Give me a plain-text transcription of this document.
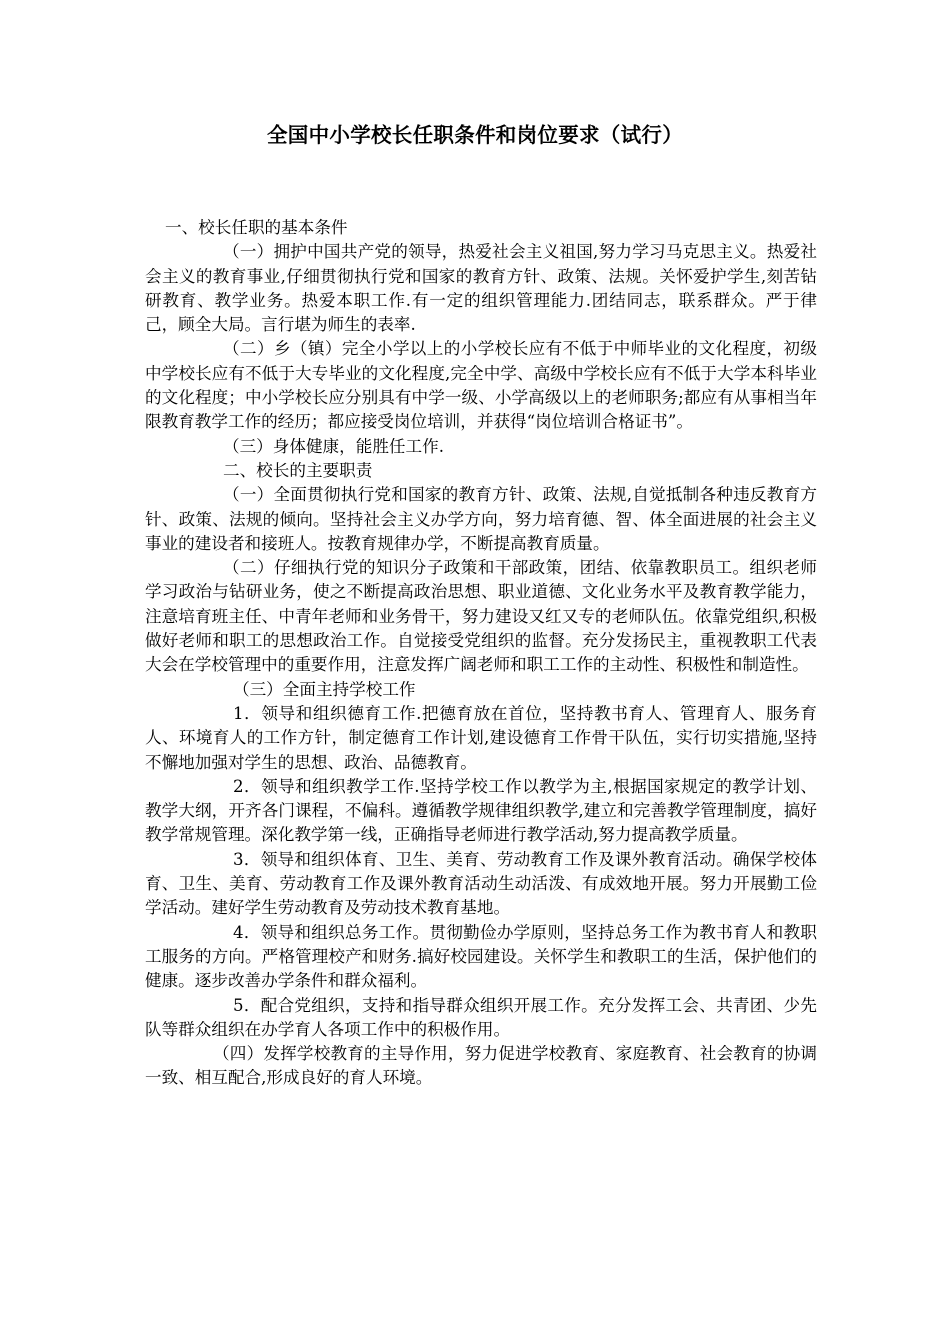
全国中小学校长任职条件和岗位要求（试行）

一、校长任职的基本条件

（一）拥护中国共产党的领导，热爱社会主义祖国,努力学习马克思主义。热爱社会主义的教育事业,仔细贯彻执行党和国家的教育方针、政策、法规。关怀爱护学生,刻苦钻研教育、教学业务。热爱本职工作.有一定的组织管理能力.团结同志，联系群众。严于律己，顾全大局。言行堪为师生的表率.

（二）乡（镇）完全小学以上的小学校长应有不低于中师毕业的文化程度，初级中学校长应有不低于大专毕业的文化程度,完全中学、高级中学校长应有不低于大学本科毕业的文化程度；中小学校长应分别具有中学一级、小学高级以上的老师职务;都应有从事相当年限教育教学工作的经历；都应接受岗位培训，并获得“岗位培训合格证书”。

（三）身体健康，能胜任工作.

二、校长的主要职责

（一）全面贯彻执行党和国家的教育方针、政策、法规,自觉抵制各种违反教育方针、政策、法规的倾向。坚持社会主义办学方向，努力培育德、智、体全面进展的社会主义事业的建设者和接班人。按教育规律办学，不断提高教育质量。

（二）仔细执行党的知识分子政策和干部政策，团结、依靠教职员工。组织老师学习政治与钻研业务，使之不断提高政治思想、职业道德、文化业务水平及教育教学能力，注意培育班主任、中青年老师和业务骨干，努力建设又红又专的老师队伍。依靠党组织,积极做好老师和职工的思想政治工作。自觉接受党组织的监督。充分发扬民主，重视教职工代表大会在学校管理中的重要作用，注意发挥广阔老师和职工工作的主动性、积极性和制造性。

（三）全面主持学校工作

1．领导和组织德育工作.把德育放在首位，坚持教书育人、管理育人、服务育人、环境育人的工作方针，制定德育工作计划,建设德育工作骨干队伍，实行切实措施,坚持不懈地加强对学生的思想、政治、品德教育。

2．领导和组织教学工作.坚持学校工作以教学为主,根据国家规定的教学计划、教学大纲，开齐各门课程，不偏科。遵循教学规律组织教学,建立和完善教学管理制度，搞好教学常规管理。深化教学第一线，正确指导老师进行教学活动,努力提高教学质量。

3．领导和组织体育、卫生、美育、劳动教育工作及课外教育活动。确保学校体育、卫生、美育、劳动教育工作及课外教育活动生动活泼、有成效地开展。努力开展勤工俭学活动。建好学生劳动教育及劳动技术教育基地。

4．领导和组织总务工作。贯彻勤俭办学原则，坚持总务工作为教书育人和教职工服务的方向。严格管理校产和财务.搞好校园建设。关怀学生和教职工的生活，保护他们的健康。逐步改善办学条件和群众福利。

5．配合党组织，支持和指导群众组织开展工作。充分发挥工会、共青团、少先队等群众组织在办学育人各项工作中的积极作用。

（四）发挥学校教育的主导作用，努力促进学校教育、家庭教育、社会教育的协调一致、相互配合,形成良好的育人环境。
